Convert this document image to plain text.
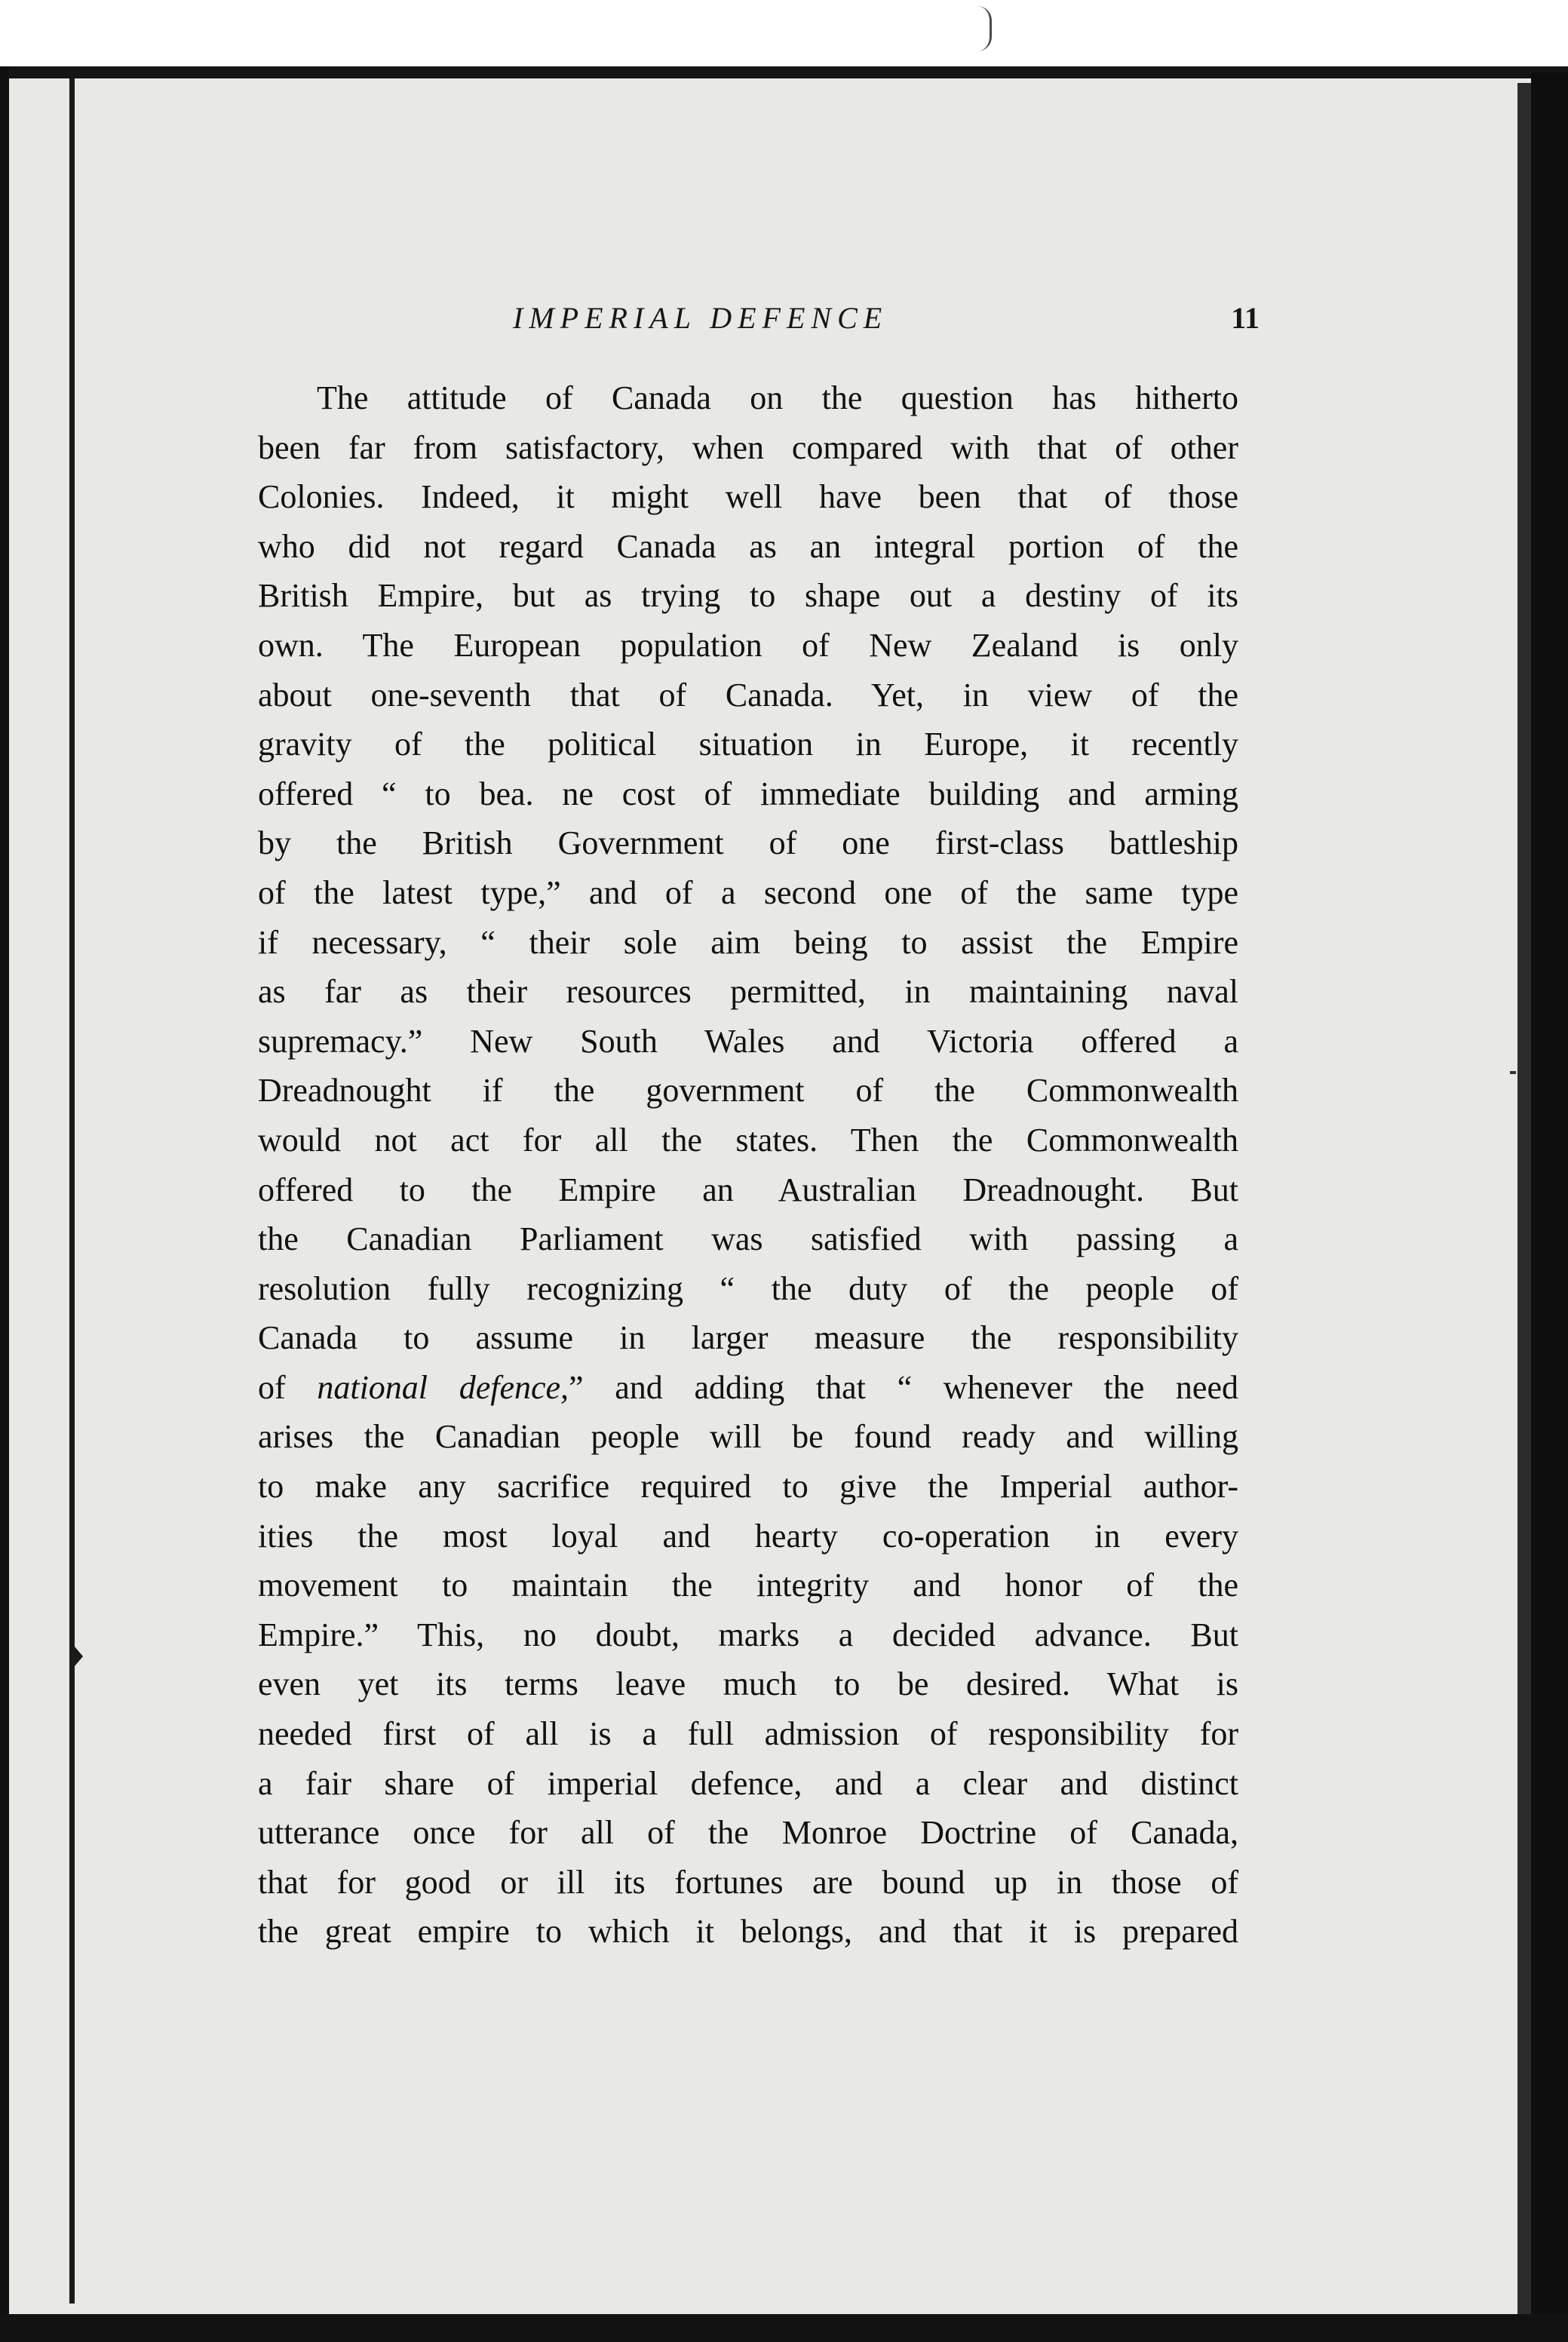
IMPERIAL DEFENCE	11
The attitude of Canada on the question has hitherto
been far from satisfactory, when compared with that of other
Colonies. Indeed, it might well have been that of those
who did not regard Canada as an integral portion of the
British Empire, but as trying to shape out a destiny of its
own. The European population of New Zealand is only
about one-seventh that of Canada. Yet, in view of the
gravity of the political situation in Europe, it recently
offered “ to bea. ne cost of immediate building and arming
by the British Government of one first-class battleship
of the latest type,” and of a second one of the same type
if necessary, “ their sole aim being to assist the Empire
as far as their resources permitted, in maintaining naval
supremacy.” New South Wales and Victoria offered a
Dreadnought if the government of the Commonwealth
would not act for all the states. Then the Commonwealth
offered to the Empire an Australian Dreadnought. But
the Canadian Parliament was satisfied with passing a
resolution fully recognizing “ the duty of the people of
Canada to assume in larger measure the responsibility
of national defence,” and adding that “ whenever the need
arises the Canadian people will be found ready and willing
to make any sacrifice required to give the Imperial author-
ities the most loyal and hearty co-operation in every
movement to maintain the integrity and honor of the
Empire.” This, no doubt, marks a decided advance. But
even yet its terms leave much to be desired. What is
needed first of all is a full admission of responsibility for
a fair share of imperial defence, and a clear and distinct
utterance once for all of the Monroe Doctrine of Canada,
that for good or ill its fortunes are bound up in those of
the great empire to which it belongs, and that it is prepared
